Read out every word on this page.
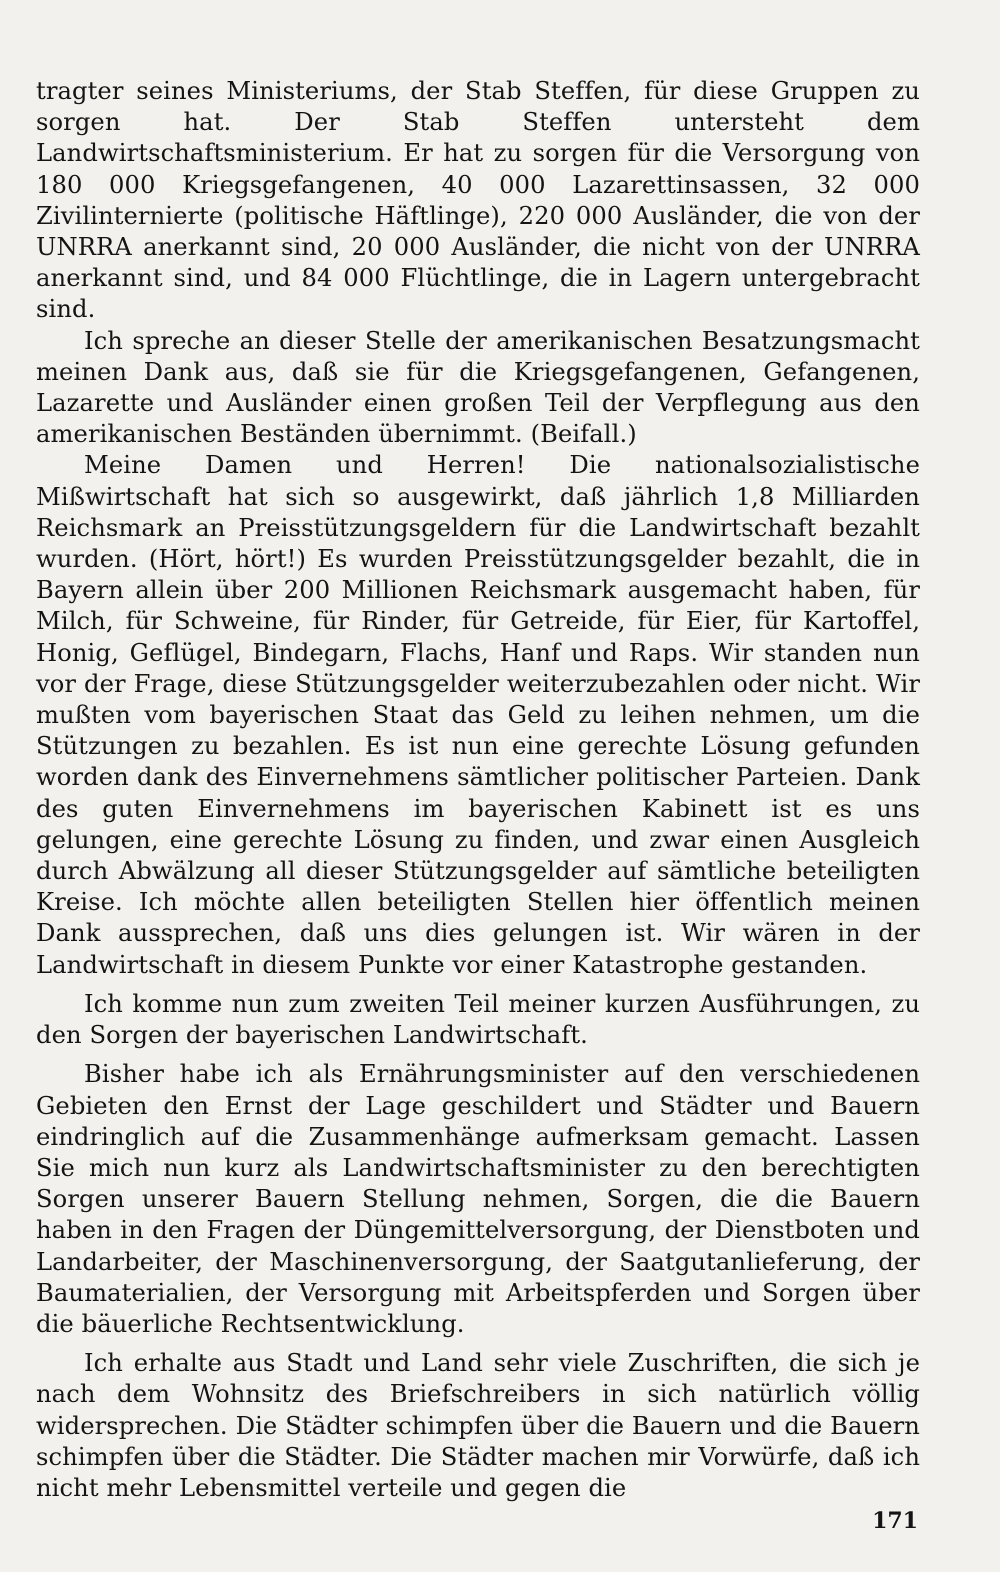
tragter seines Ministeriums, der Stab Steffen, für diese Gruppen zu sorgen hat. Der Stab Steffen untersteht dem Landwirtschaftsministerium. Er hat zu sorgen für die Versorgung von 180 000 Kriegsgefangenen, 40 000 Lazarettinsassen, 32 000 Zivilinternierte (politische Häftlinge), 220 000 Ausländer, die von der UNRRA anerkannt sind, 20 000 Ausländer, die nicht von der UNRRA anerkannt sind, und 84 000 Flüchtlinge, die in Lagern untergebracht sind.

Ich spreche an dieser Stelle der amerikanischen Besatzungsmacht meinen Dank aus, daß sie für die Kriegsgefangenen, Gefangenen, Lazarette und Ausländer einen großen Teil der Verpflegung aus den amerikanischen Beständen übernimmt. (Beifall.)

Meine Damen und Herren! Die nationalsozialistische Mißwirtschaft hat sich so ausgewirkt, daß jährlich 1,8 Milliarden Reichsmark an Preisstützungsgeldern für die Landwirtschaft bezahlt wurden. (Hört, hört!) Es wurden Preisstützungsgelder bezahlt, die in Bayern allein über 200 Millionen Reichsmark ausgemacht haben, für Milch, für Schweine, für Rinder, für Getreide, für Eier, für Kartoffel, Honig, Geflügel, Bindegarn, Flachs, Hanf und Raps. Wir standen nun vor der Frage, diese Stützungsgelder weiterzubezahlen oder nicht. Wir mußten vom bayerischen Staat das Geld zu leihen nehmen, um die Stützungen zu bezahlen. Es ist nun eine gerechte Lösung gefunden worden dank des Einvernehmens sämtlicher politischer Parteien. Dank des guten Einvernehmens im bayerischen Kabinett ist es uns gelungen, eine gerechte Lösung zu finden, und zwar einen Ausgleich durch Abwälzung all dieser Stützungsgelder auf sämtliche beteiligten Kreise. Ich möchte allen beteiligten Stellen hier öffentlich meinen Dank aussprechen, daß uns dies gelungen ist. Wir wären in der Landwirtschaft in diesem Punkte vor einer Katastrophe gestanden.

Ich komme nun zum zweiten Teil meiner kurzen Ausführungen, zu den Sorgen der bayerischen Landwirtschaft.

Bisher habe ich als Ernährungsminister auf den verschiedenen Gebieten den Ernst der Lage geschildert und Städter und Bauern eindringlich auf die Zusammenhänge aufmerksam gemacht. Lassen Sie mich nun kurz als Landwirtschaftsminister zu den berechtigten Sorgen unserer Bauern Stellung nehmen, Sorgen, die die Bauern haben in den Fragen der Düngemittelversorgung, der Dienstboten und Landarbeiter, der Maschinenversorgung, der Saatgutanlieferung, der Baumaterialien, der Versorgung mit Arbeitspferden und Sorgen über die bäuerliche Rechtsentwicklung.

Ich erhalte aus Stadt und Land sehr viele Zuschriften, die sich je nach dem Wohnsitz des Briefschreibers in sich natürlich völlig widersprechen. Die Städter schimpfen über die Bauern und die Bauern schimpfen über die Städter. Die Städter machen mir Vorwürfe, daß ich nicht mehr Lebensmittel verteile und gegen die

171
